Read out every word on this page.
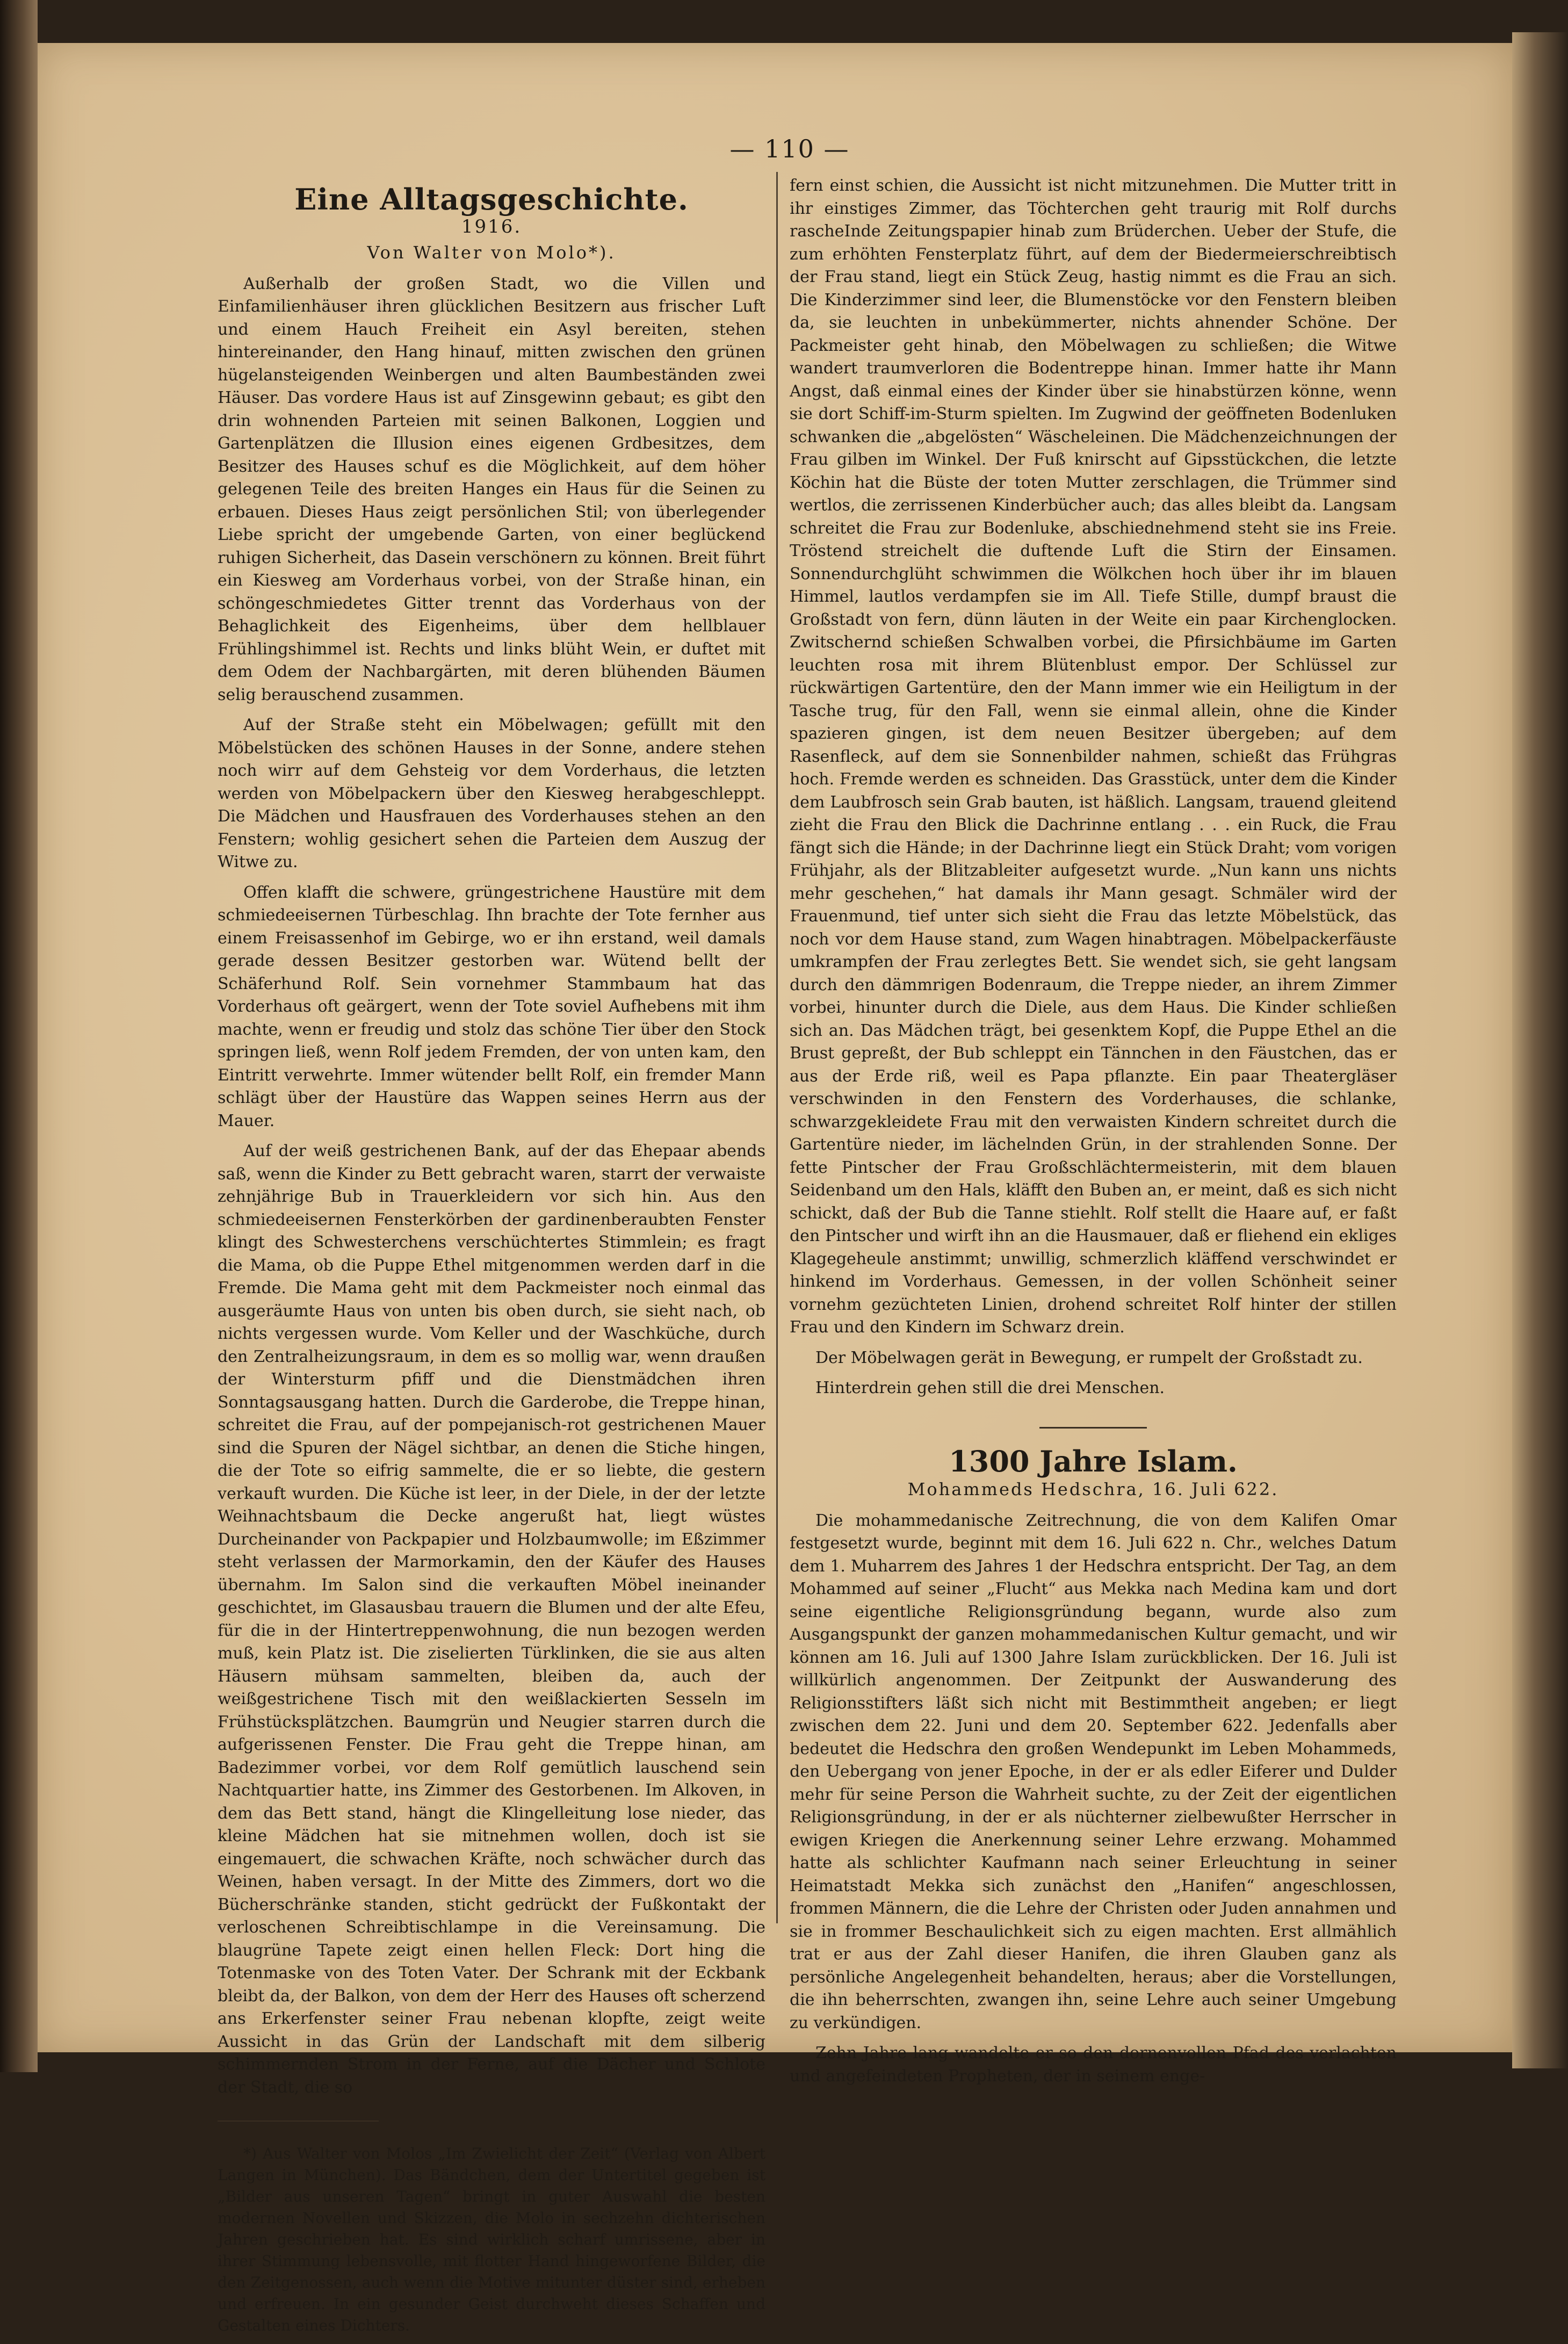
— 110 —
Eine Alltagsgeschichte.
1916.
Von Walter von Molo*).

Außerhalb der großen Stadt, wo die Villen und Einfamilienhäuser ihren glücklichen Besitzern aus frischer Luft und einem Hauch Freiheit ein Asyl bereiten, stehen hintereinander, den Hang hinauf, mitten zwischen den grünen hügelansteigenden Weinbergen und alten Baumbeständen zwei Häuser. Das vordere Haus ist auf Zinsgewinn gebaut; es gibt den drin wohnenden Parteien mit seinen Balkonen, Loggien und Gartenplätzen die Illusion eines eigenen Grdbesitzes, dem Besitzer des Hauses schuf es die Möglichkeit, auf dem höher gelegenen Teile des breiten Hanges ein Haus für die Seinen zu erbauen. Dieses Haus zeigt persönlichen Stil; von überlegender Liebe spricht der umgebende Garten, von einer beglückend ruhigen Sicherheit, das Dasein verschönern zu können. Breit führt ein Kiesweg am Vorderhaus vorbei, von der Straße hinan, ein schöngeschmiedetes Gitter trennt das Vorderhaus von der Behaglichkeit des Eigenheims, über dem hellblauer Frühlingshimmel ist. Rechts und links blüht Wein, er duftet mit dem Odem der Nachbargärten, mit deren blühenden Bäumen selig berauschend zusammen.

Auf der Straße steht ein Möbelwagen; gefüllt mit den Möbelstücken des schönen Hauses in der Sonne, andere stehen noch wirr auf dem Gehsteig vor dem Vorderhaus, die letzten werden von Möbelpackern über den Kiesweg herabgeschleppt. Die Mädchen und Hausfrauen des Vorderhauses stehen an den Fenstern; wohlig gesichert sehen die Parteien dem Auszug der Witwe zu.

Offen klafft die schwere, grüngestrichene Haustüre mit dem schmiedeeisernen Türbeschlag. Ihn brachte der Tote fernher aus einem Freisassenhof im Gebirge, wo er ihn erstand, weil damals gerade dessen Besitzer gestorben war. Wütend bellt der Schäferhund Rolf. Sein vornehmer Stammbaum hat das Vorderhaus oft geärgert, wenn der Tote soviel Aufhebens mit ihm machte, wenn er freudig und stolz das schöne Tier über den Stock springen ließ, wenn Rolf jedem Fremden, der von unten kam, den Eintritt verwehrte. Immer wütender bellt Rolf, ein fremder Mann schlägt über der Haustüre das Wappen seines Herrn aus der Mauer.

Auf der weiß gestrichenen Bank, auf der das Ehepaar abends saß, wenn die Kinder zu Bett gebracht waren, starrt der verwaiste zehnjährige Bub in Trauerkleidern vor sich hin. Aus den schmiedeeisernen Fensterkörben der gardinenberaubten Fenster klingt des Schwesterchens verschüchtertes Stimmlein; es fragt die Mama, ob die Puppe Ethel mitgenommen werden darf in die Fremde. Die Mama geht mit dem Packmeister noch einmal das ausgeräumte Haus von unten bis oben durch, sie sieht nach, ob nichts vergessen wurde. Vom Keller und der Waschküche, durch den Zentralheizungsraum, in dem es so mollig war, wenn draußen der Wintersturm pfiff und die Dienstmädchen ihren Sonntagsausgang hatten. Durch die Garderobe, die Treppe hinan, schreitet die Frau, auf der pompejanisch-rot gestrichenen Mauer sind die Spuren der Nägel sichtbar, an denen die Stiche hingen, die der Tote so eifrig sammelte, die er so liebte, die gestern verkauft wurden. Die Küche ist leer, in der Diele, in der der letzte Weihnachtsbaum die Decke angerußt hat, liegt wüstes Durcheinander von Packpapier und Holzbaumwolle; im Eßzimmer steht verlassen der Marmorkamin, den der Käufer des Hauses übernahm. Im Salon sind die verkauften Möbel ineinander geschichtet, im Glasausbau trauern die Blumen und der alte Efeu, für die in der Hintertreppenwohnung, die nun bezogen werden muß, kein Platz ist. Die ziselierten Türklinken, die sie aus alten Häusern mühsam sammelten, bleiben da, auch der weißgestrichene Tisch mit den weißlackierten Sesseln im Frühstücksplätzchen. Baumgrün und Neugier starren durch die aufgerissenen Fenster. Die Frau geht die Treppe hinan, am Badezimmer vorbei, vor dem Rolf gemütlich lauschend sein Nachtquartier hatte, ins Zimmer des Gestorbenen. Im Alkoven, in dem das Bett stand, hängt die Klingelleitung lose nieder, das kleine Mädchen hat sie mitnehmen wollen, doch ist sie eingemauert, die schwachen Kräfte, noch schwächer durch das Weinen, haben versagt. In der Mitte des Zimmers, dort wo die Bücherschränke standen, sticht gedrückt der Fußkontakt der verloschenen Schreibtischlampe in die Vereinsamung. Die blaugrüne Tapete zeigt einen hellen Fleck: Dort hing die Totenmaske von des Toten Vater. Der Schrank mit der Eckbank bleibt da, der Balkon, von dem der Herr des Hauses oft scherzend ans Erkerfenster seiner Frau nebenan klopfte, zeigt weite Aussicht in das Grün der Landschaft mit dem silberig schimmernden Strom in der Ferne, auf die Dächer und Schlote der Stadt, die so

*) Aus Walter von Molos „Im Zwielicht der Zeit“ (Verlag von Albert Langen in München). Das Bändchen, dem der Untertitel gegeben ist „Bilder aus unseren Tagen“ bringt in guter Auswahl die besten modernen Novellen und Skizzen, die Molo in sechzehn dichterischen Jahren geschrieben hat. Es sind wirklich scharf umrissene, aber in ihrer Stimmung lebensvolle, mit flotter Hand hingeworfene Bilder, die den Zeitgenossen, auch wenn die Motive mitunter düster sind, erheben und erfreuen. In ein gesunder Geist durchweht dieses Schaffen und Gestalten eines Dichters.

fern einst schien, die Aussicht ist nicht mitzunehmen. Die Mutter tritt in ihr einstiges Zimmer, das Töchterchen geht traurig mit Rolf durchs rascheIndе Zeitungspapier hinab zum Brüderchen. Ueber der Stufe, die zum erhöhten Fensterplatz führt, auf dem der Biedermeierschreibtisch der Frau stand, liegt ein Stück Zeug, hastig nimmt es die Frau an sich. Die Kinderzimmer sind leer, die Blumenstöcke vor den Fenstern bleiben da, sie leuchten in unbekümmerter, nichts ahnender Schöne. Der Packmeister geht hinab, den Möbelwagen zu schließen; die Witwe wandert traumverloren die Bodentreppe hinan. Immer hatte ihr Mann Angst, daß einmal eines der Kinder über sie hinabstürzen könne, wenn sie dort Schiff-im-Sturm spielten. Im Zugwind der geöffneten Bodenluken schwanken die „abgelösten“ Wäscheleinen. Die Mädchenzeichnungen der Frau gilben im Winkel. Der Fuß knirscht auf Gipsstückchen, die letzte Köchin hat die Büste der toten Mutter zerschlagen, die Trümmer sind wertlos, die zerrissenen Kinderbücher auch; das alles bleibt da. Langsam schreitet die Frau zur Bodenluke, abschiednehmend steht sie ins Freie. Tröstend streichelt die duftende Luft die Stirn der Einsamen. Sonnendurchglüht schwimmen die Wölkchen hoch über ihr im blauen Himmel, lautlos verdampfen sie im All. Tiefe Stille, dumpf braust die Großstadt von fern, dünn läuten in der Weite ein paar Kirchenglocken. Zwitschernd schießen Schwalben vorbei, die Pfirsichbäume im Garten leuchten rosa mit ihrem Blütenblust empor. Der Schlüssel zur rückwärtigen Gartentüre, den der Mann immer wie ein Heiligtum in der Tasche trug, für den Fall, wenn sie einmal allein, ohne die Kinder spazieren gingen, ist dem neuen Besitzer übergeben; auf dem Rasenfleck, auf dem sie Sonnenbilder nahmen, schießt das Frühgras hoch. Fremde werden es schneiden. Das Grasstück, unter dem die Kinder dem Laubfrosch sein Grab bauten, ist häßlich. Langsam, trauend gleitend zieht die Frau den Blick die Dachrinne entlang . . . ein Ruck, die Frau fängt sich die Hände; in der Dachrinne liegt ein Stück Draht; vom vorigen Frühjahr, als der Blitzableiter aufgesetzt wurde. „Nun kann uns nichts mehr geschehen,“ hat damals ihr Mann gesagt. Schmäler wird der Frauenmund, tief unter sich sieht die Frau das letzte Möbelstück, das noch vor dem Hause stand, zum Wagen hinabtragen. Möbelpackerfäuste umkrampfen der Frau zerlegtes Bett. Sie wendet sich, sie geht langsam durch den dämmrigen Bodenraum, die Treppe nieder, an ihrem Zimmer vorbei, hinunter durch die Diele, aus dem Haus. Die Kinder schließen sich an. Das Mädchen trägt, bei gesenktem Kopf, die Puppe Ethel an die Brust gepreßt, der Bub schleppt ein Tännchen in den Fäustchen, das er aus der Erde riß, weil es Papa pflanzte. Ein paar Theatergläser verschwinden in den Fenstern des Vorderhauses, die schlanke, schwarzgekleidete Frau mit den verwaisten Kindern schreitet durch die Gartentüre nieder, im lächelnden Grün, in der strahlenden Sonne. Der fette Pintscher der Frau Großschlächtermeisterin, mit dem blauen Seidenband um den Hals, kläfft den Buben an, er meint, daß es sich nicht schickt, daß der Bub die Tanne stiehlt. Rolf stellt die Haare auf, er faßt den Pintscher und wirft ihn an die Hausmauer, daß er fliehend ein ekliges Klagegeheule anstimmt; unwillig, schmerzlich kläffend verschwindet er hinkend im Vorderhaus. Gemessen, in der vollen Schönheit seiner vornehm gezüchteten Linien, drohend schreitet Rolf hinter der stillen Frau und den Kindern im Schwarz drein.

Der Möbelwagen gerät in Bewegung, er rumpelt der Großstadt zu.

Hinterdrein gehen still die drei Menschen.

1300 Jahre Islam.
Mohammeds Hedschra, 16. Juli 622.

Die mohammedanische Zeitrechnung, die von dem Kalifen Omar festgesetzt wurde, beginnt mit dem 16. Juli 622 n. Chr., welches Datum dem 1. Muharrem des Jahres 1 der Hedschra entspricht. Der Tag, an dem Mohammed auf seiner „Flucht“ aus Mekka nach Medina kam und dort seine eigentliche Religionsgründung begann, wurde also zum Ausgangspunkt der ganzen mohammedanischen Kultur gemacht, und wir können am 16. Juli auf 1300 Jahre Islam zurückblicken. Der 16. Juli ist willkürlich angenommen. Der Zeitpunkt der Auswanderung des Religionsstifters läßt sich nicht mit Bestimmtheit angeben; er liegt zwischen dem 22. Juni und dem 20. September 622. Jedenfalls aber bedeutet die Hedschra den großen Wendepunkt im Leben Mohammeds, den Uebergang von jener Epoche, in der er als edler Eiferer und Dulder mehr für seine Person die Wahrheit suchte, zu der Zeit der eigentlichen Religionsgründung, in der er als nüchterner zielbewußter Herrscher in ewigen Kriegen die Anerkennung seiner Lehre erzwang. Mohammed hatte als schlichter Kaufmann nach seiner Erleuchtung in seiner Heimatstadt Mekka sich zunächst den „Hanifen“ angeschlossen, frommen Männern, die die Lehre der Christen oder Juden annahmen und sie in frommer Beschaulichkeit sich zu eigen machten. Erst allmählich trat er aus der Zahl dieser Hanifen, die ihren Glauben ganz als persönliche Angelegenheit behandelten, heraus; aber die Vorstellungen, die ihn beherrschten, zwangen ihn, seine Lehre auch seiner Umgebung zu verkündigen.

Zehn Jahre lang wandelte er so den dornenvollen Pfad des verlachten und angefeindeten Propheten, der in seinem enge-
